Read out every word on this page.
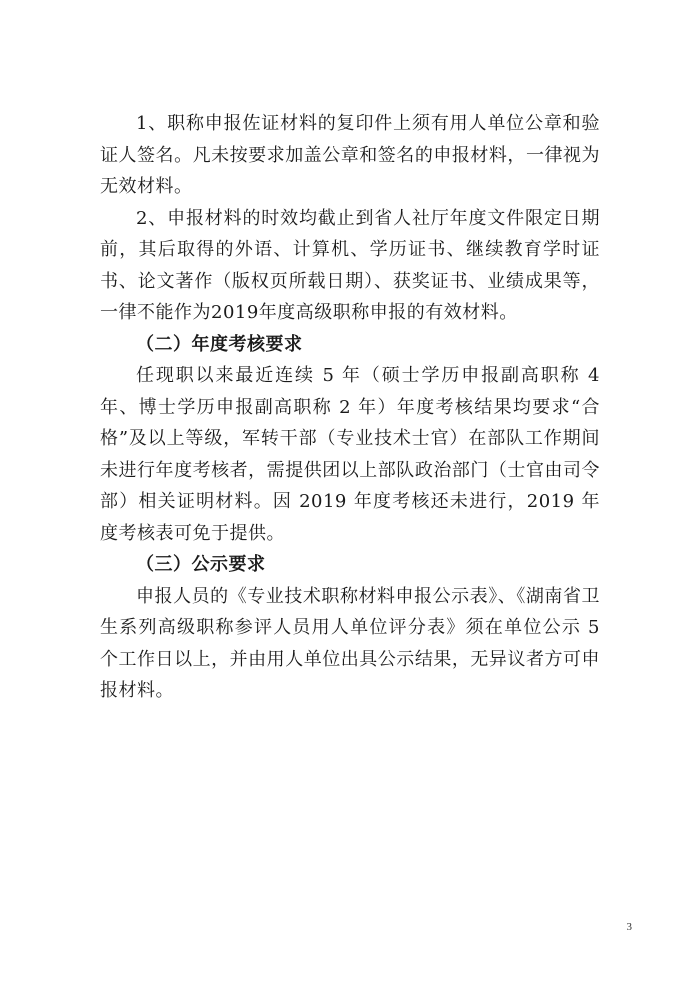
1、职称申报佐证材料的复印件上须有用人单位公章和验证人签名。凡未按要求加盖公章和签名的申报材料，一律视为无效材料。

2、申报材料的时效均截止到省人社厅年度文件限定日期前，其后取得的外语、计算机、学历证书、继续教育学时证书、论文著作（版权页所载日期）、获奖证书、业绩成果等，一律不能作为2019年度高级职称申报的有效材料。

（二）年度考核要求

任现职以来最近连续 5 年（硕士学历申报副高职称 4 年、博士学历申报副高职称 2 年）年度考核结果均要求“合格”及以上等级，军转干部（专业技术士官）在部队工作期间未进行年度考核者，需提供团以上部队政治部门（士官由司令部）相关证明材料。因 2019 年度考核还未进行，2019 年度考核表可免于提供。

（三）公示要求

申报人员的《专业技术职称材料申报公示表》、《湖南省卫生系列高级职称参评人员用人单位评分表》须在单位公示 5 个工作日以上，并由用人单位出具公示结果，无异议者方可申报材料。

3
